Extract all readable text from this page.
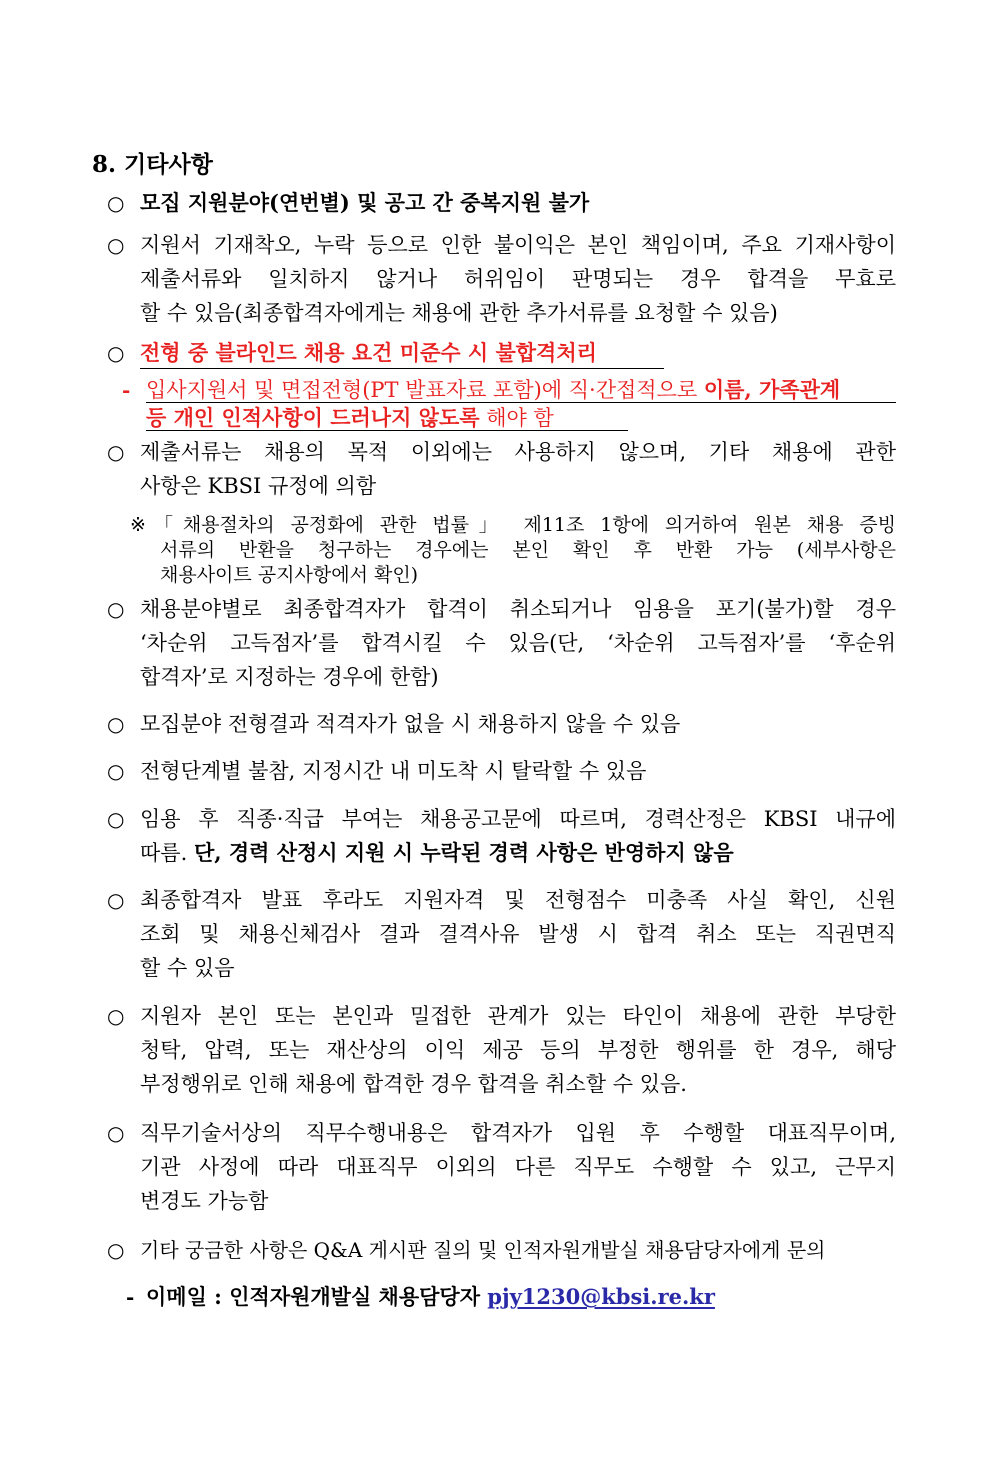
8. 기타사항
○ 모집 지원분야(연번별) 및 공고 간 중복지원 불가
○ 지원서 기재착오, 누락 등으로 인한 불이익은 본인 책임이며, 주요 기재사항이
제출서류와 일치하지 않거나 허위임이 판명되는 경우 합격을 무효로
할 수 있음(최종합격자에게는 채용에 관한 추가서류를 요청할 수 있음)
○ 전형 중 블라인드 채용 요건 미준수 시 불합격처리
- 입사지원서 및 면접전형(PT 발표자료 포함)에 직·간접적으로 이름, 가족관계
등 개인 인적사항이 드러나지 않도록 해야 함
○ 제출서류는 채용의 목적 이외에는 사용하지 않으며, 기타 채용에 관한
사항은 KBSI 규정에 의함
※ 「채용절차의 공정화에 관한 법률」 제11조 1항에 의거하여 원본 채용 증빙
서류의 반환을 청구하는 경우에는 본인 확인 후 반환 가능 (세부사항은
채용사이트 공지사항에서 확인)
○ 채용분야별로 최종합격자가 합격이 취소되거나 임용을 포기(불가)할 경우
‘차순위 고득점자’를 합격시킬 수 있음(단, ‘차순위 고득점자’를 ‘후순위
합격자’로 지정하는 경우에 한함)
○ 모집분야 전형결과 적격자가 없을 시 채용하지 않을 수 있음
○ 전형단계별 불참, 지정시간 내 미도착 시 탈락할 수 있음
○ 임용 후 직종·직급 부여는 채용공고문에 따르며, 경력산정은 KBSI 내규에
따름. 단, 경력 산정시 지원 시 누락된 경력 사항은 반영하지 않음
○ 최종합격자 발표 후라도 지원자격 및 전형점수 미충족 사실 확인, 신원
조회 및 채용신체검사 결과 결격사유 발생 시 합격 취소 또는 직권면직
할 수 있음
○ 지원자 본인 또는 본인과 밀접한 관계가 있는 타인이 채용에 관한 부당한
청탁, 압력, 또는 재산상의 이익 제공 등의 부정한 행위를 한 경우, 해당
부정행위로 인해 채용에 합격한 경우 합격을 취소할 수 있음.
○ 직무기술서상의 직무수행내용은 합격자가 입원 후 수행할 대표직무이며,
기관 사정에 따라 대표직무 이외의 다른 직무도 수행할 수 있고, 근무지
변경도 가능함
○ 기타 궁금한 사항은 Q&A 게시판 질의 및 인적자원개발실 채용담당자에게 문의
- 이메일 : 인적자원개발실 채용담당자 pjy1230@kbsi.re.kr
